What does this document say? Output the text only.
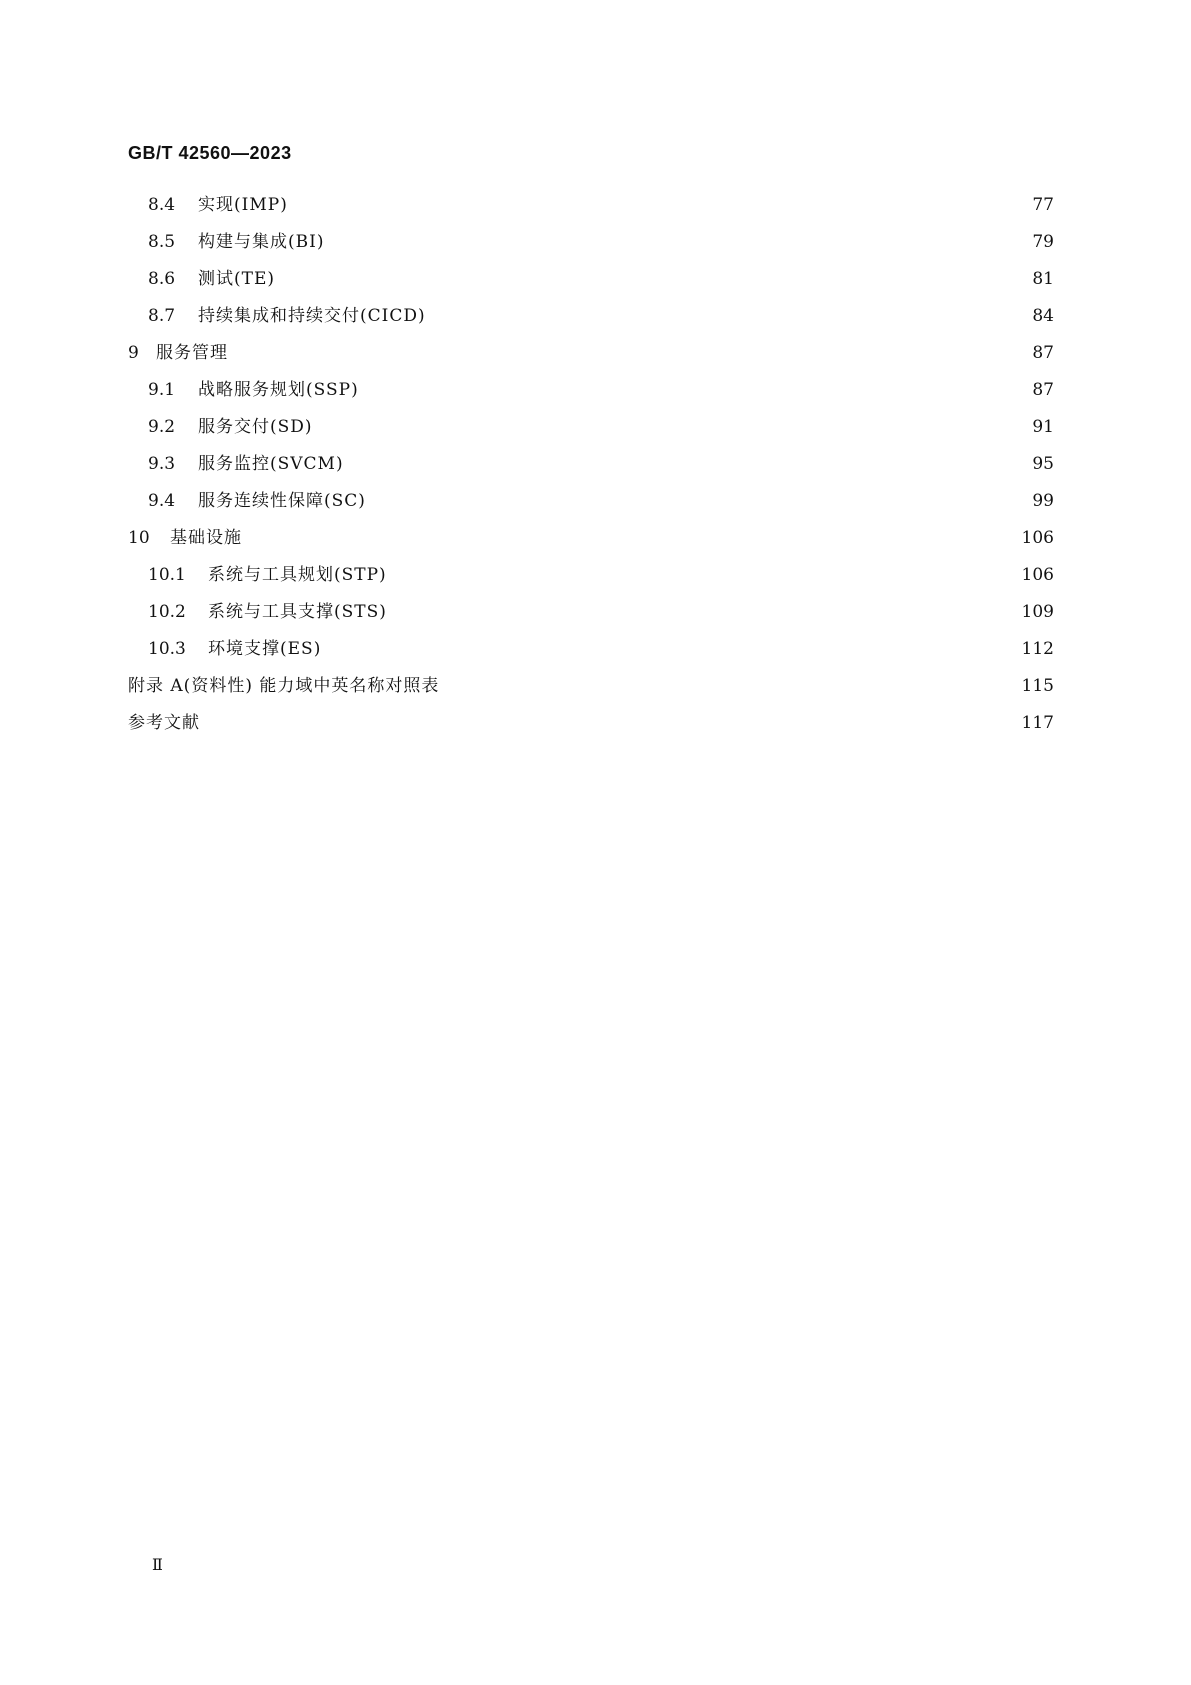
GB/T 42560—2023
8.4	实现(IMP)	77
8.5	构建与集成(BI)	79
8.6	测试(TE)	81
8.7	持续集成和持续交付(CICD)	84
9	服务管理	87
9.1	战略服务规划(SSP)	87
9.2	服务交付(SD)	91
9.3	服务监控(SVCM)	95
9.4	服务连续性保障(SC)	99
10	基础设施	106
10.1	系统与工具规划(STP)	106
10.2	系统与工具支撑(STS)	109
10.3	环境支撑(ES)	112
附录 A(资料性) 能力域中英名称对照表	115
参考文献	117
Ⅱ
